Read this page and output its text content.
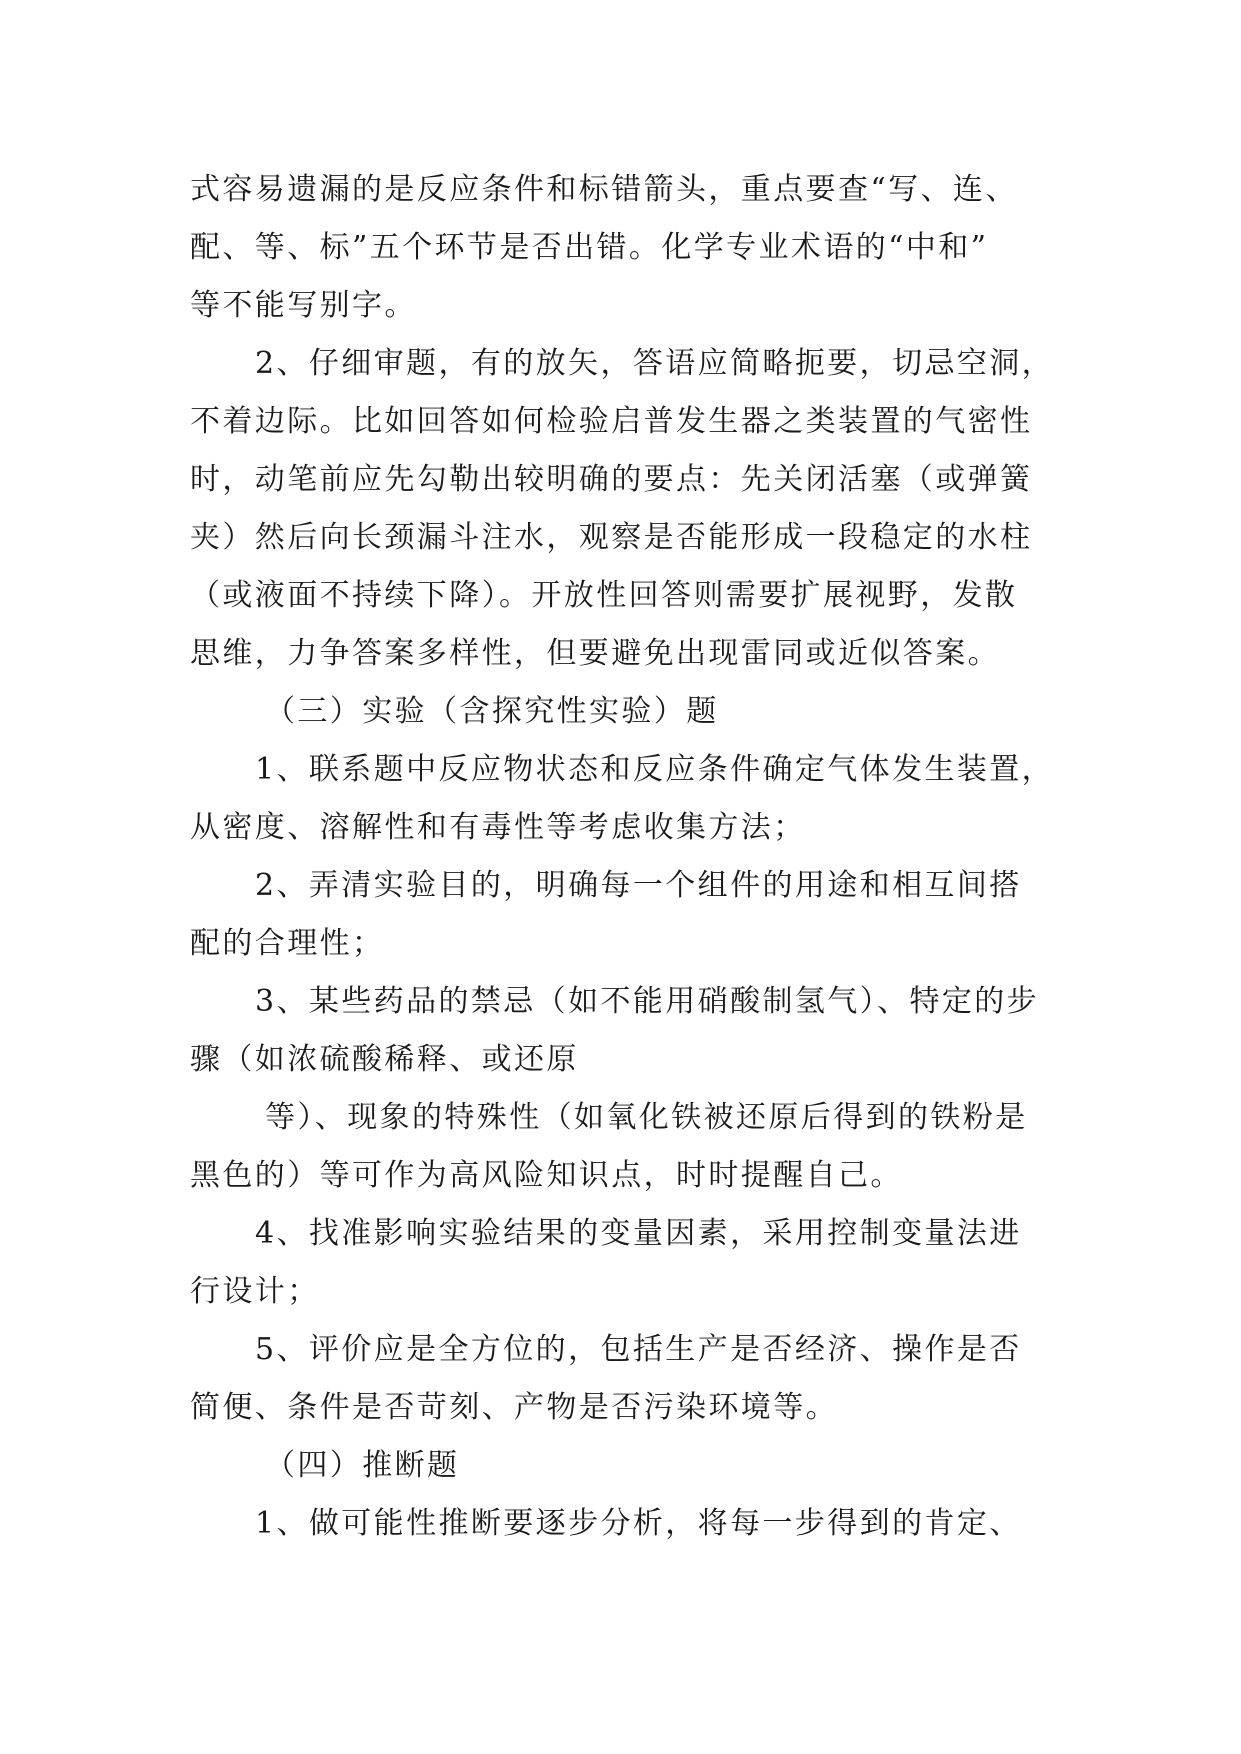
式容易遗漏的是反应条件和标错箭头，重点要查“写、连、
配、等、标”五个环节是否出错。化学专业术语的“中和”
等不能写别字。
2、仔细审题，有的放矢，答语应简略扼要，切忌空洞，
不着边际。比如回答如何检验启普发生器之类装置的气密性
时，动笔前应先勾勒出较明确的要点：先关闭活塞（或弹簧
夹）然后向长颈漏斗注水，观察是否能形成一段稳定的水柱
（或液面不持续下降）。开放性回答则需要扩展视野，发散
思维，力争答案多样性，但要避免出现雷同或近似答案。
（三）实验（含探究性实验）题
1、联系题中反应物状态和反应条件确定气体发生装置，
从密度、溶解性和有毒性等考虑收集方法；
2、弄清实验目的，明确每一个组件的用途和相互间搭
配的合理性；
3、某些药品的禁忌（如不能用硝酸制氢气）、特定的步
骤（如浓硫酸稀释、或还原
等）、现象的特殊性（如氧化铁被还原后得到的铁粉是
黑色的）等可作为高风险知识点，时时提醒自己。
4、找准影响实验结果的变量因素，采用控制变量法进
行设计；
5、评价应是全方位的，包括生产是否经济、操作是否
简便、条件是否苛刻、产物是否污染环境等。
（四）推断题
1、做可能性推断要逐步分析，将每一步得到的肯定、
